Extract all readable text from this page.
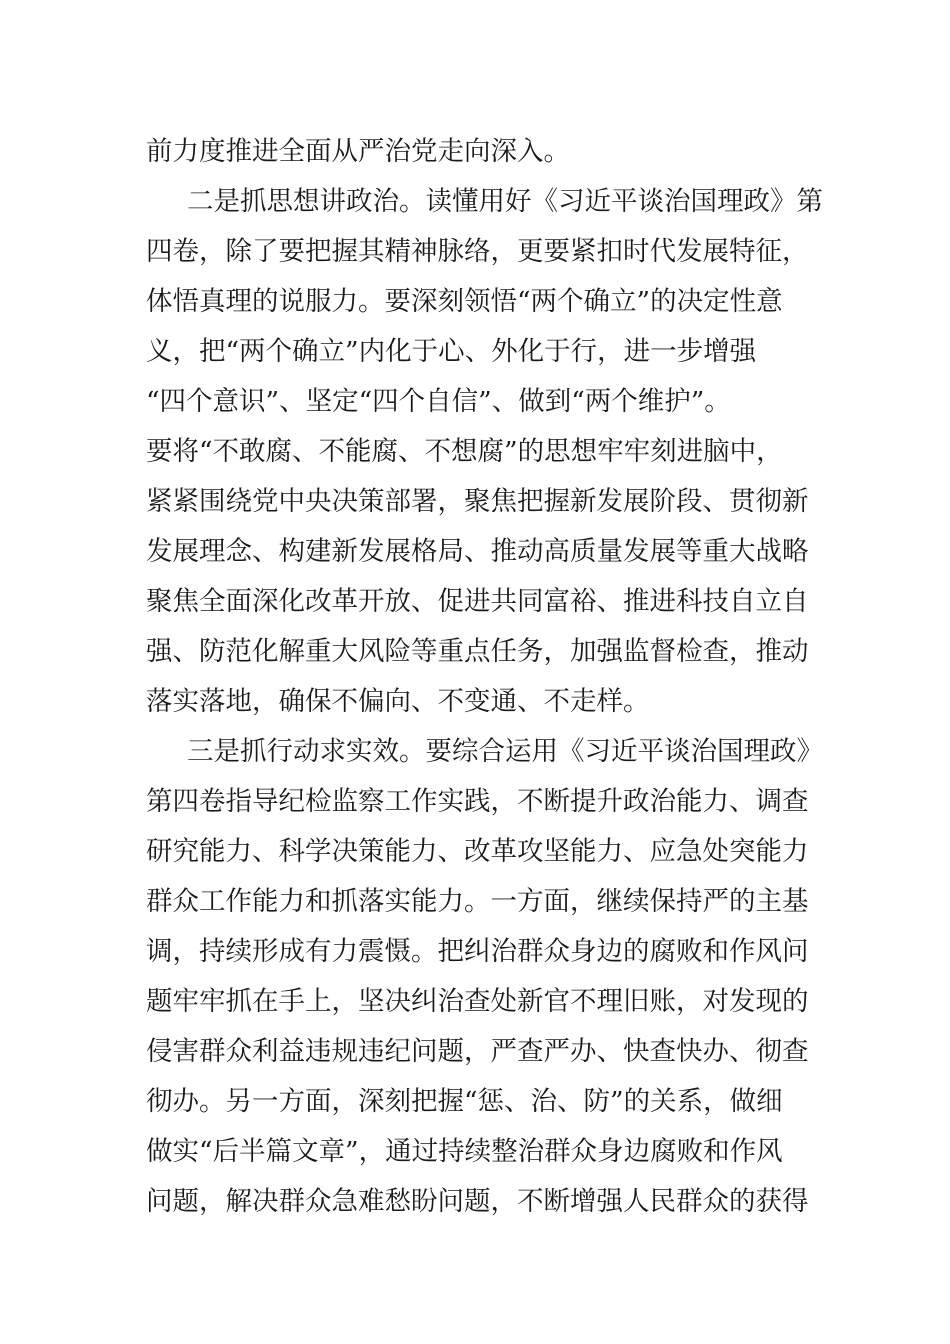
前力度推进全面从严治党走向深入。
二是抓思想讲政治。读懂用好《习近平谈治国理政》第
四卷，除了要把握其精神脉络，更要紧扣时代发展特征，
体悟真理的说服力。要深刻领悟“两个确立”的决定性意
义，把“两个确立”内化于心、外化于行，进一步增强
“四个意识”、坚定“四个自信”、做到“两个维护”。
要将“不敢腐、不能腐、不想腐”的思想牢牢刻进脑中，
紧紧围绕党中央决策部署，聚焦把握新发展阶段、贯彻新
发展理念、构建新发展格局、推动高质量发展等重大战略
聚焦全面深化改革开放、促进共同富裕、推进科技自立自
强、防范化解重大风险等重点任务，加强监督检查，推动
落实落地，确保不偏向、不变通、不走样。
三是抓行动求实效。要综合运用《习近平谈治国理政》
第四卷指导纪检监察工作实践，不断提升政治能力、调查
研究能力、科学决策能力、改革攻坚能力、应急处突能力
群众工作能力和抓落实能力。一方面，继续保持严的主基
调，持续形成有力震慑。把纠治群众身边的腐败和作风问
题牢牢抓在手上，坚决纠治查处新官不理旧账，对发现的
侵害群众利益违规违纪问题，严查严办、快查快办、彻查
彻办。另一方面，深刻把握“惩、治、防”的关系，做细
做实“后半篇文章”，通过持续整治群众身边腐败和作风
问题，解决群众急难愁盼问题，不断增强人民群众的获得
